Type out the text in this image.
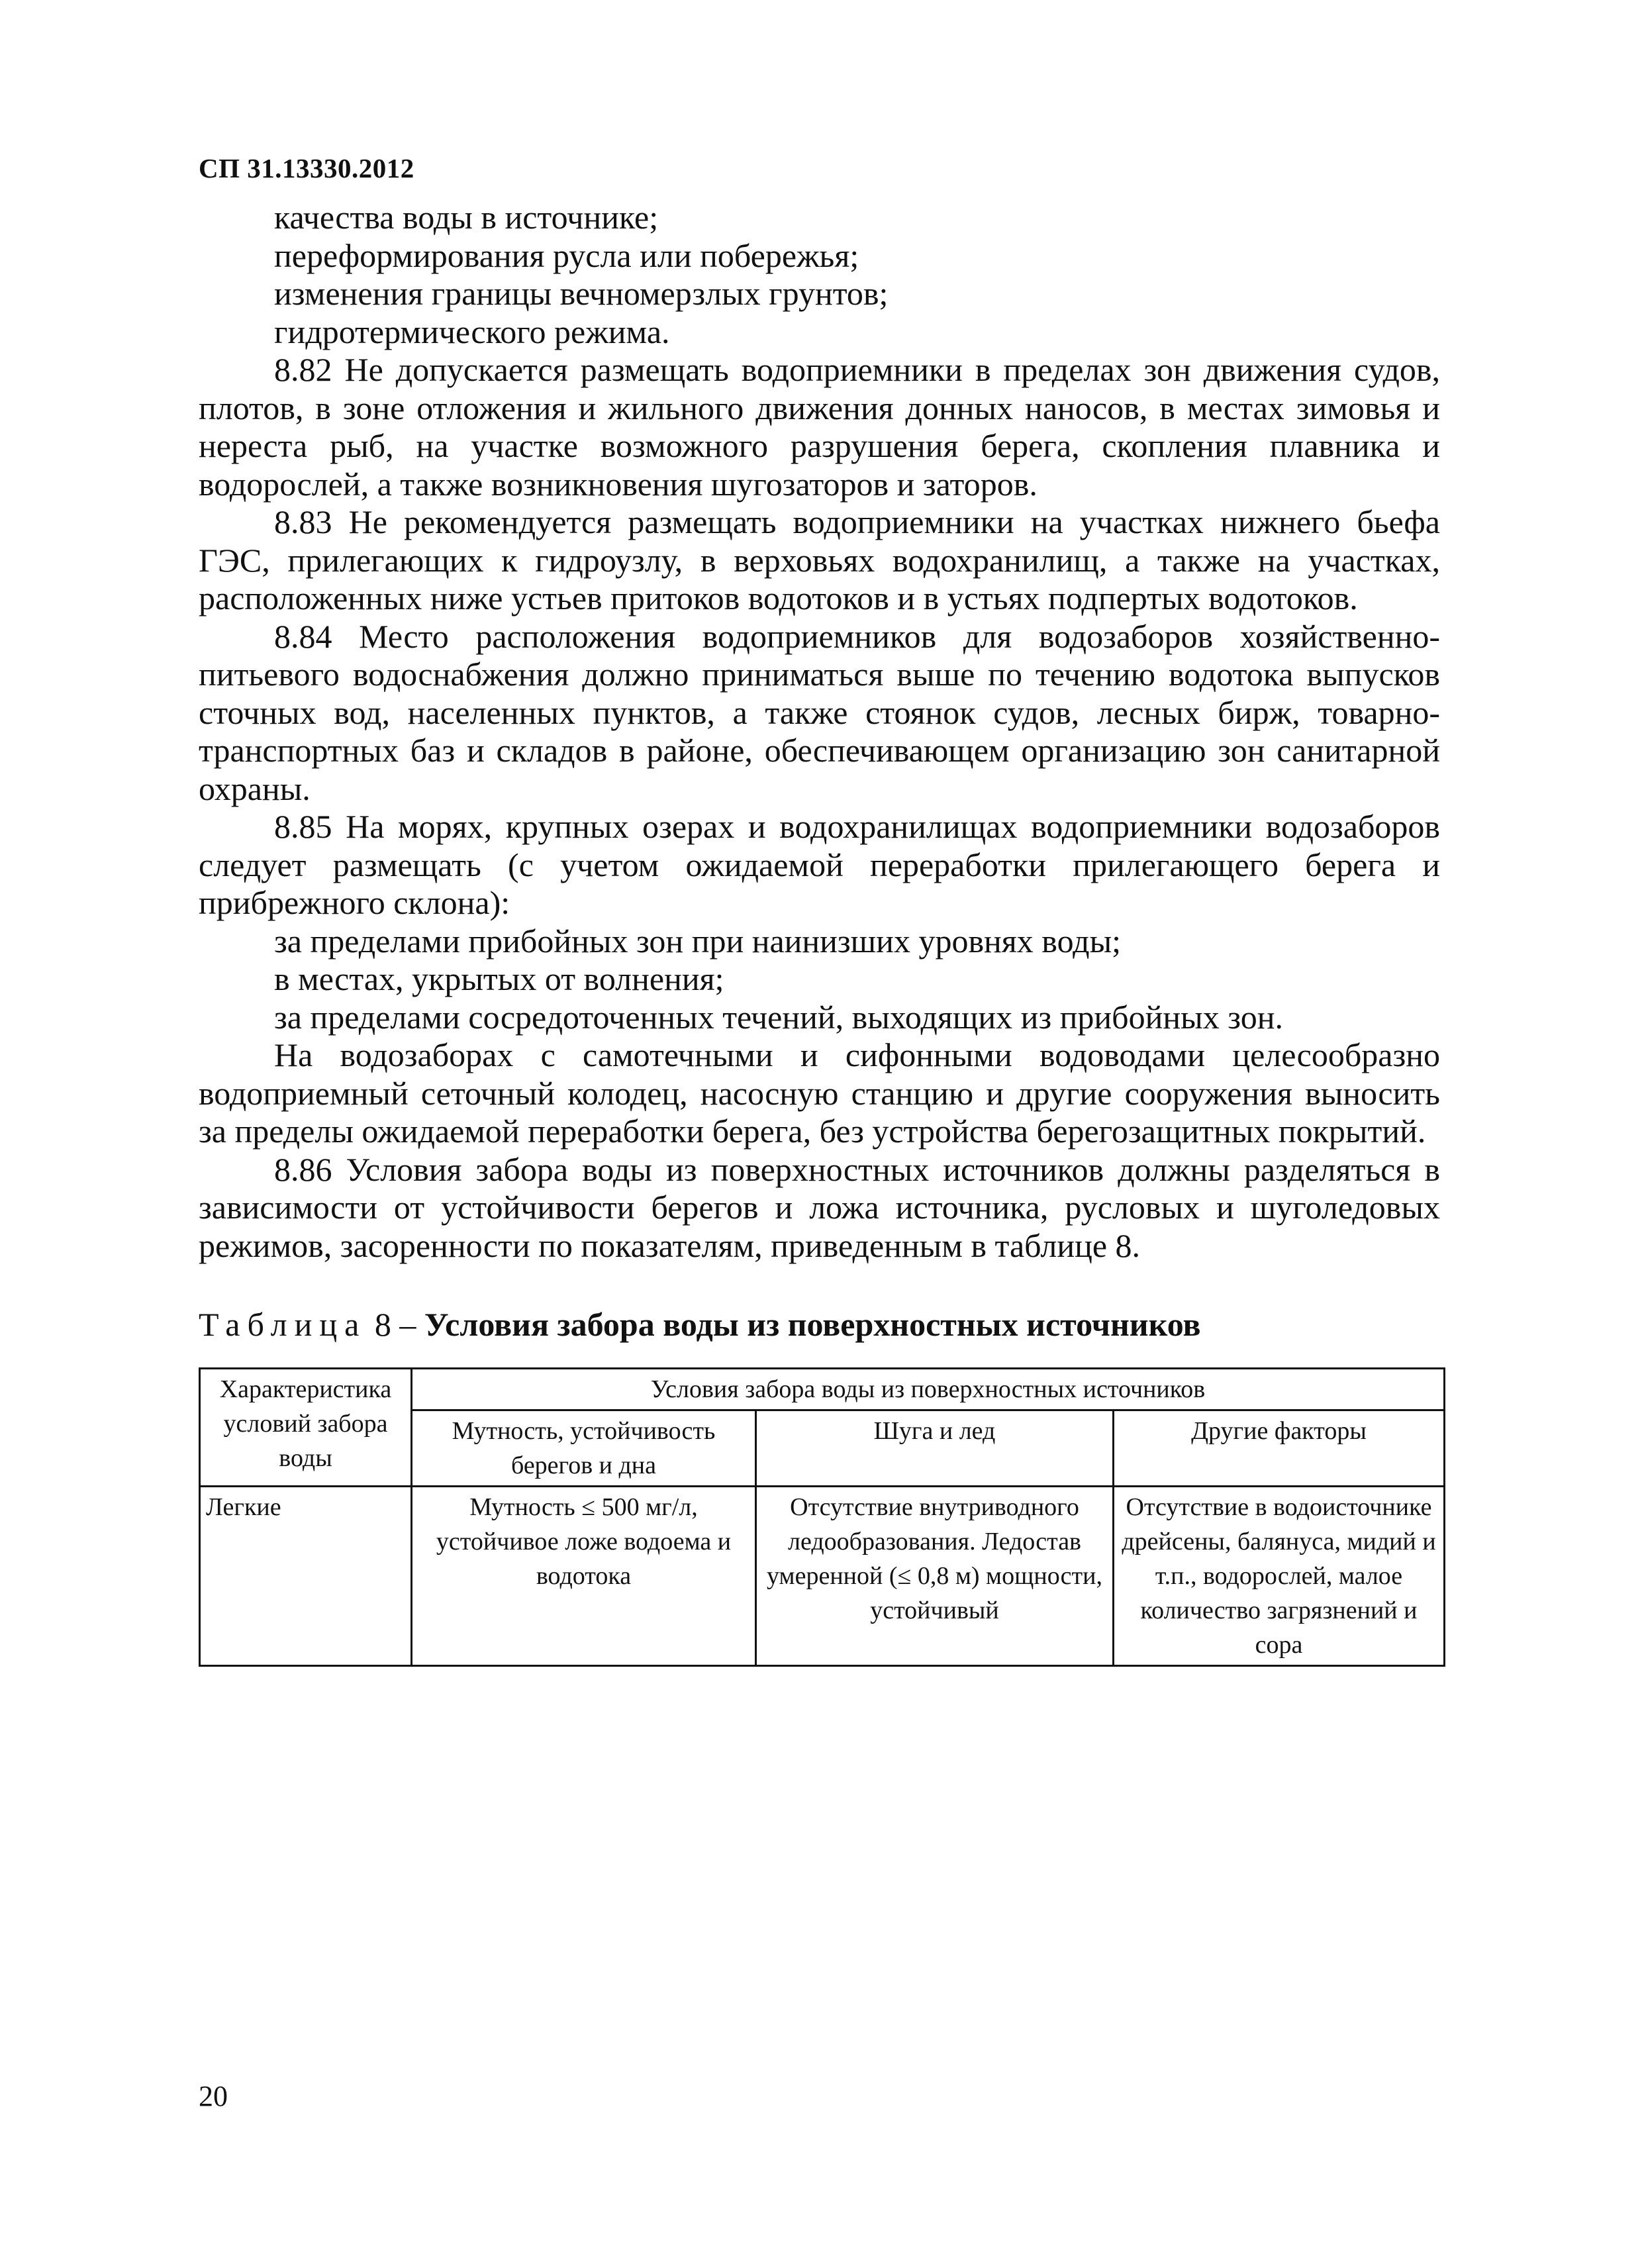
СП 31.13330.2012

качества воды в источнике;

переформирования русла или побережья;

изменения границы вечномерзлых грунтов;

гидротермического режима.

8.82 Не допускается размещать водоприемники в пределах зон движения судов, плотов, в зоне отложения и жильного движения донных наносов, в местах зимовья и нереста рыб, на участке возможного разрушения берега, скопления плавника и водорослей, а также возникновения шугозаторов и заторов.

8.83 Не рекомендуется размещать водоприемники на участках нижнего бьефа ГЭС, прилегающих к гидроузлу, в верховьях водохранилищ, а также на участках, расположенных ниже устьев притоков водотоков и в устьях подпертых водотоков.

8.84 Место расположения водоприемников для водозаборов хозяйственно-питьевого водоснабжения должно приниматься выше по течению водотока выпусков сточных вод, населенных пунктов, а также стоянок судов, лесных бирж, товарно-транспортных баз и складов в районе, обеспечивающем организацию зон санитарной охраны.

8.85 На морях, крупных озерах и водохранилищах водоприемники водозаборов следует размещать (с учетом ожидаемой переработки прилегающего берега и прибрежного склона):

за пределами прибойных зон при наинизших уровнях воды;

в местах, укрытых от волнения;

за пределами сосредоточенных течений, выходящих из прибойных зон.

На водозаборах с самотечными и сифонными водоводами целесообразно водоприемный сеточный колодец, насосную станцию и другие сооружения выносить за пределы ожидаемой переработки берега, без устройства берегозащитных покрытий.

8.86 Условия забора воды из поверхностных источников должны разделяться в зависимости от устойчивости берегов и ложа источника, русловых и шуголедовых режимов, засоренности по показателям, приведенным в таблице 8.

Таблица 8 – Условия забора воды из поверхностных источников
Характеристика условий забора воды	Условия забора воды из поверхностных источников		
	Мутность, устойчивость берегов и дна	Шуга и лед	Другие факторы
Легкие	Мутность ≤ 500 мг/л, устойчивое ложе водоема и водотока	Отсутствие внутриводного ледообразования. Ледостав умеренной (≤ 0,8 м) мощности, устойчивый	Отсутствие в водоисточнике дрейсены, балянуса, мидий и т.п., водорослей, малое количество загрязнений и сора
20
